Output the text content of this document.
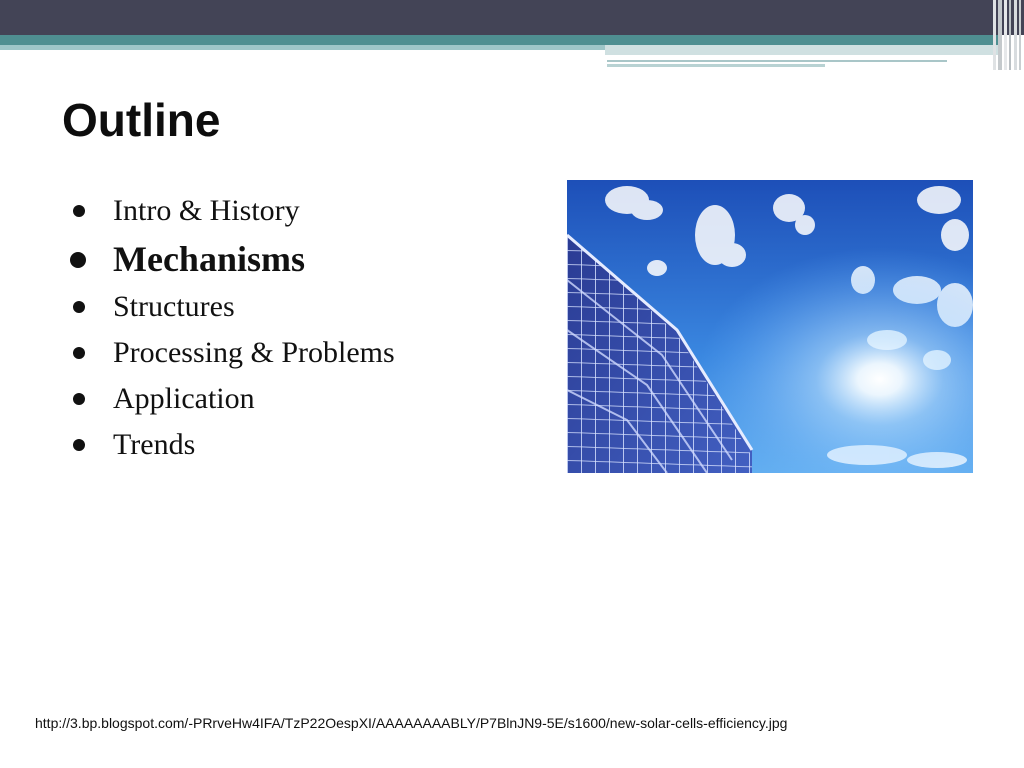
Outline
Intro & History
Mechanisms
Structures
Processing & Problems
Application
Trends
http://3.bp.blogspot.com/-PRrveHw4IFA/TzP22OespXI/AAAAAAAABLY/P7BlnJN9-5E/s1600/new-solar-cells-efficiency.jpg
